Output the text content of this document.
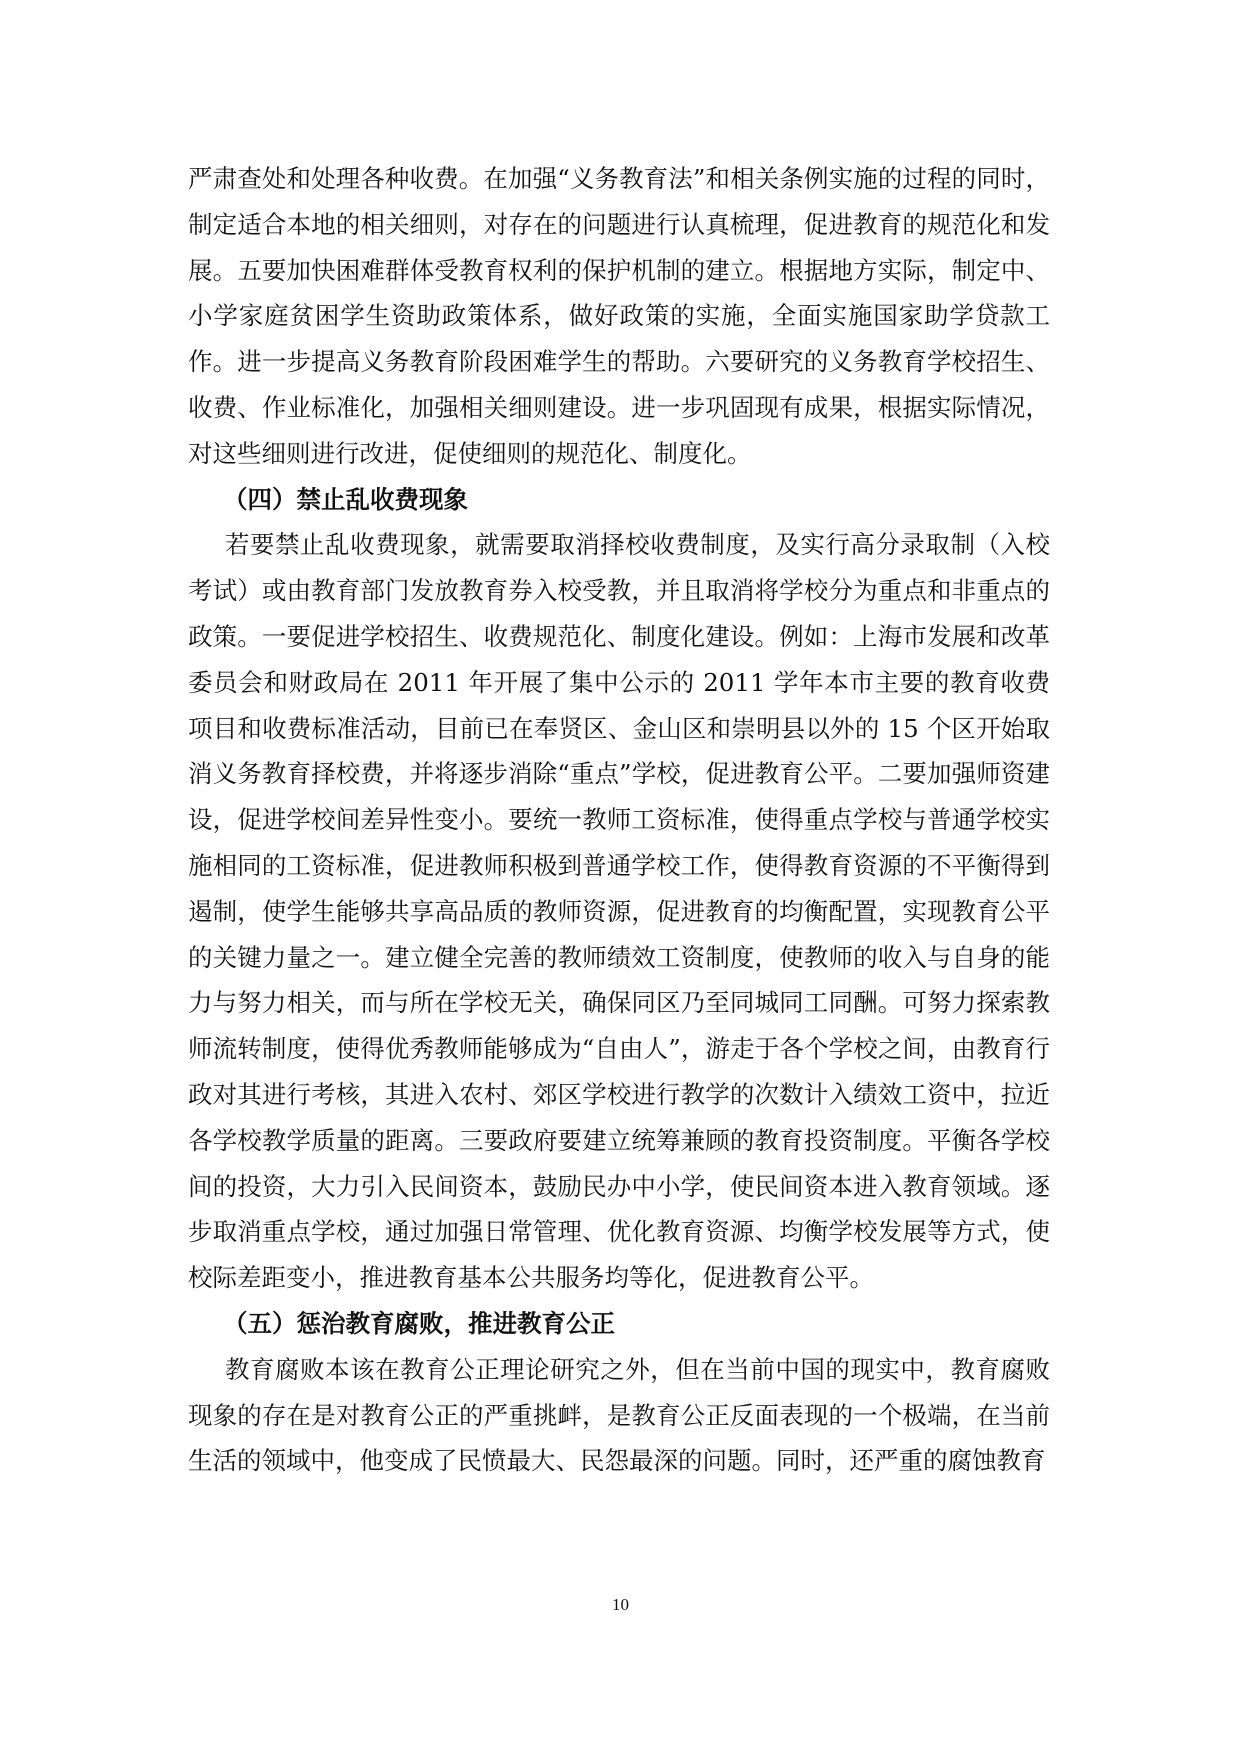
严肃查处和处理各种收费。在加强“义务教育法”和相关条例实施的过程的同时，制定适合本地的相关细则，对存在的问题进行认真梳理，促进教育的规范化和发展。五要加快困难群体受教育权利的保护机制的建立。根据地方实际，制定中、小学家庭贫困学生资助政策体系，做好政策的实施，全面实施国家助学贷款工作。进一步提高义务教育阶段困难学生的帮助。六要研究的义务教育学校招生、收费、作业标准化，加强相关细则建设。进一步巩固现有成果，根据实际情况，对这些细则进行改进，促使细则的规范化、制度化。

（四）禁止乱收费现象

若要禁止乱收费现象，就需要取消择校收费制度，及实行高分录取制（入校考试）或由教育部门发放教育券入校受教，并且取消将学校分为重点和非重点的政策。一要促进学校招生、收费规范化、制度化建设。例如：上海市发展和改革委员会和财政局在 2011 年开展了集中公示的 2011 学年本市主要的教育收费项目和收费标准活动，目前已在奉贤区、金山区和崇明县以外的 15 个区开始取消义务教育择校费，并将逐步消除“重点”学校，促进教育公平。二要加强师资建设，促进学校间差异性变小。要统一教师工资标准，使得重点学校与普通学校实施相同的工资标准，促进教师积极到普通学校工作，使得教育资源的不平衡得到遏制，使学生能够共享高品质的教师资源，促进教育的均衡配置，实现教育公平的关键力量之一。建立健全完善的教师绩效工资制度，使教师的收入与自身的能力与努力相关，而与所在学校无关，确保同区乃至同城同工同酬。可努力探索教师流转制度，使得优秀教师能够成为“自由人”，游走于各个学校之间，由教育行政对其进行考核，其进入农村、郊区学校进行教学的次数计入绩效工资中，拉近各学校教学质量的距离。三要政府要建立统筹兼顾的教育投资制度。平衡各学校间的投资，大力引入民间资本，鼓励民办中小学，使民间资本进入教育领域。逐步取消重点学校，通过加强日常管理、优化教育资源、均衡学校发展等方式，使校际差距变小，推进教育基本公共服务均等化，促进教育公平。

（五）惩治教育腐败，推进教育公正

教育腐败本该在教育公正理论研究之外，但在当前中国的现实中，教育腐败现象的存在是对教育公正的严重挑衅，是教育公正反面表现的一个极端，在当前生活的领域中，他变成了民愤最大、民怨最深的问题。同时，还严重的腐蚀教育

10
